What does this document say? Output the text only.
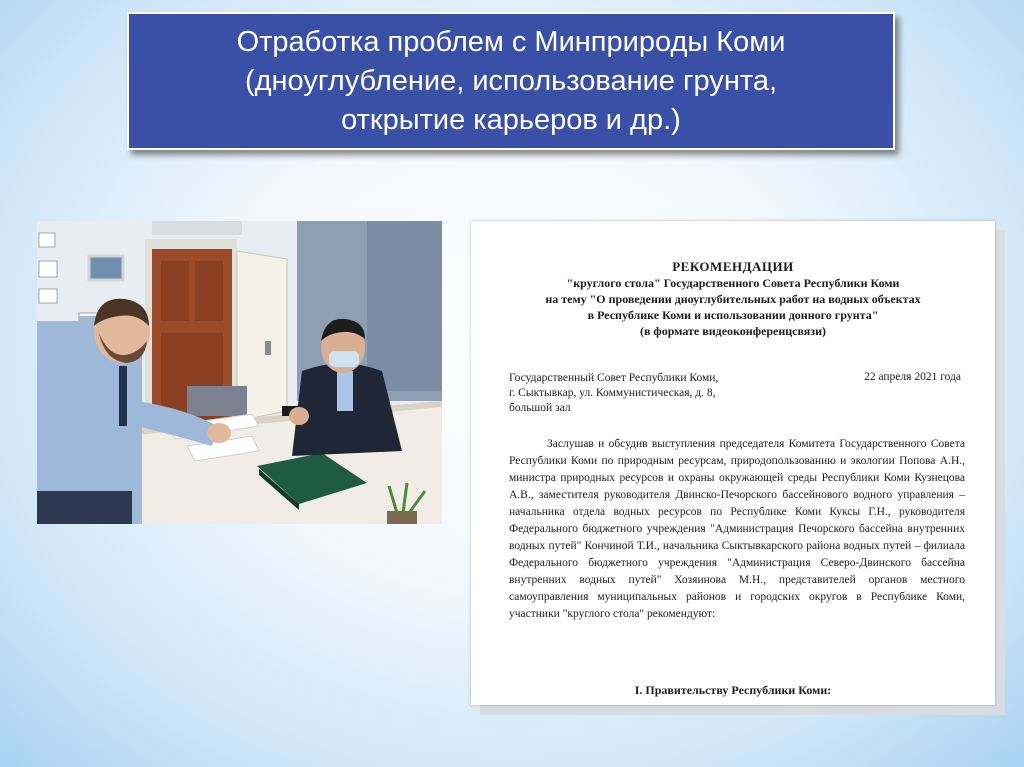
Отработка проблем с Минприроды Коми
(дноуглубление, использование грунта,
открытие карьеров и др.)
РЕКОМЕНДАЦИИ
"круглого стола" Государственного Совета Республики Коми
на тему "О проведении дноуглубительных работ на водных объектах
в Республике Коми и использовании донного грунта"
(в формате видеоконференцсвязи)
Государственный Совет Республики Коми,
г. Сыктывкар, ул. Коммунистическая, д. 8,
большой зал
22 апреля 2021 года
Заслушав и обсудив выступления председателя Комитета Государственного Совета Республики Коми по природным ресурсам, природопользованию и экологии Попова А.Н., министра природных ресурсов и охраны окружающей среды Республики Коми Кузнецова А.В., заместителя руководителя Двинско-Печорского бассейнового водного управления – начальника отдела водных ресурсов по Республике Коми Куксы Г.Н., руководителя Федерального бюджетного учреждения "Администрация Печорского бассейна внутренних водных путей" Кончиной Т.И., начальника Сыктывкарского района водных путей – филиала Федерального бюджетного учреждения "Администрация Северо-Двинского бассейна внутренних водных путей" Хозяиновa М.Н., представителей органов местного самоуправления муниципальных районов и городских округов в Республике Коми, участники "круглого стола" рекомендуют:
I. Правительству Республики Коми:
